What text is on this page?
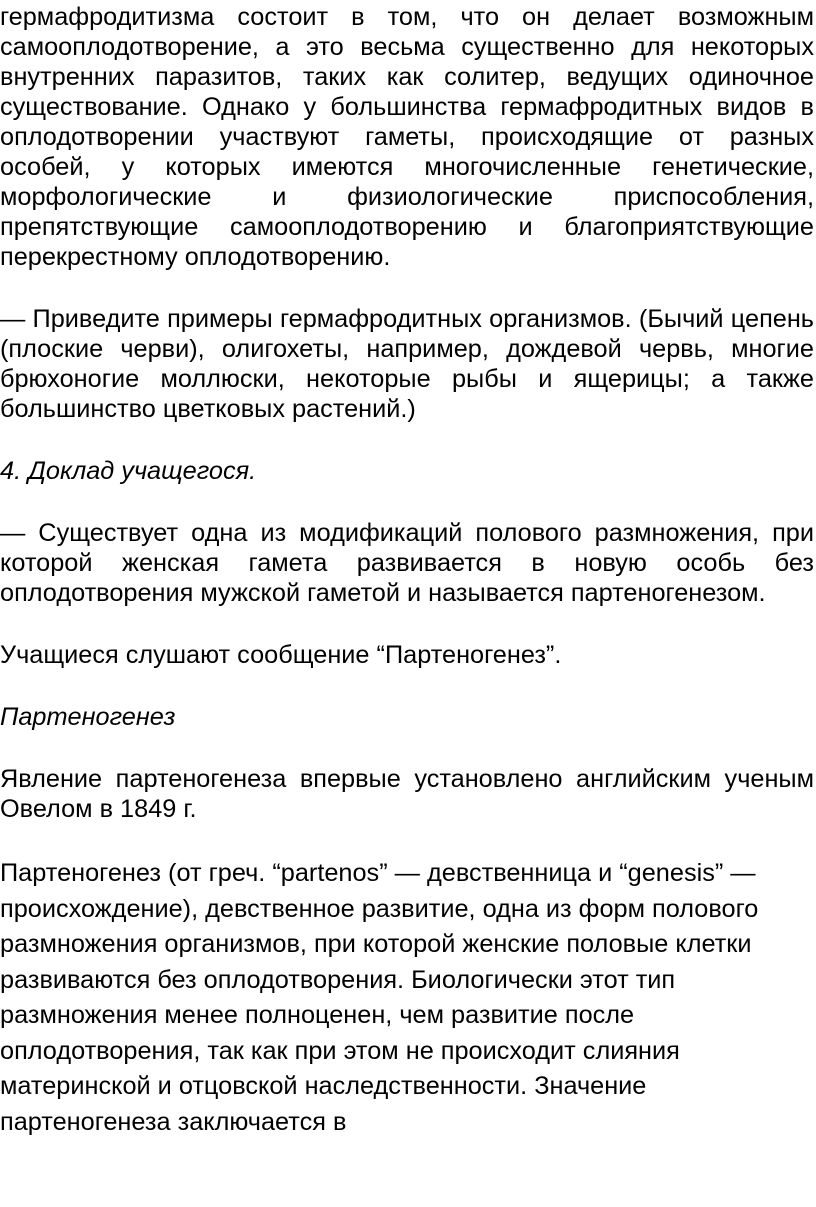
гермафродитизма состоит в том, что он делает возможным самооплодотворение, а это весьма существенно для некоторых внутренних паразитов, таких как солитер, ведущих одиночное существование. Однако у большинства гермафродитных видов в оплодотворении участвуют гаметы, происходящие от разных особей, у которых имеются многочисленные генетические, морфологические и физиологические приспособления, препятствующие самооплодотворению и благоприятствующие перекрестному оплодотворению.

— Приведите примеры гермафродитных организмов. (Бычий цепень (плоские черви), олигохеты, например, дождевой червь, многие брюхоногие моллюски, некоторые рыбы и ящерицы; а также большинство цветковых растений.)

4. Доклад учащегося.

— Существует одна из модификаций полового размножения, при которой женская гамета развивается в новую особь без оплодотворения мужской гаметой и называется партеногенезом.

Учащиеся слушают сообщение “Партеногенез”.

Партеногенез

Явление партеногенеза впервые установлено английским ученым Овелом в 1849 г.

Партеногенез (от греч. “partenos” — девственница и “genesis” — происхождение), девственное развитие, одна из форм полового размножения организмов, при которой женские половые клетки развиваются без оплодотворения. Биологически этот тип размножения менее полноценен, чем развитие после оплодотворения, так как при этом не происходит слияния материнской и отцовской наследственности. Значение партеногенеза заключается в
